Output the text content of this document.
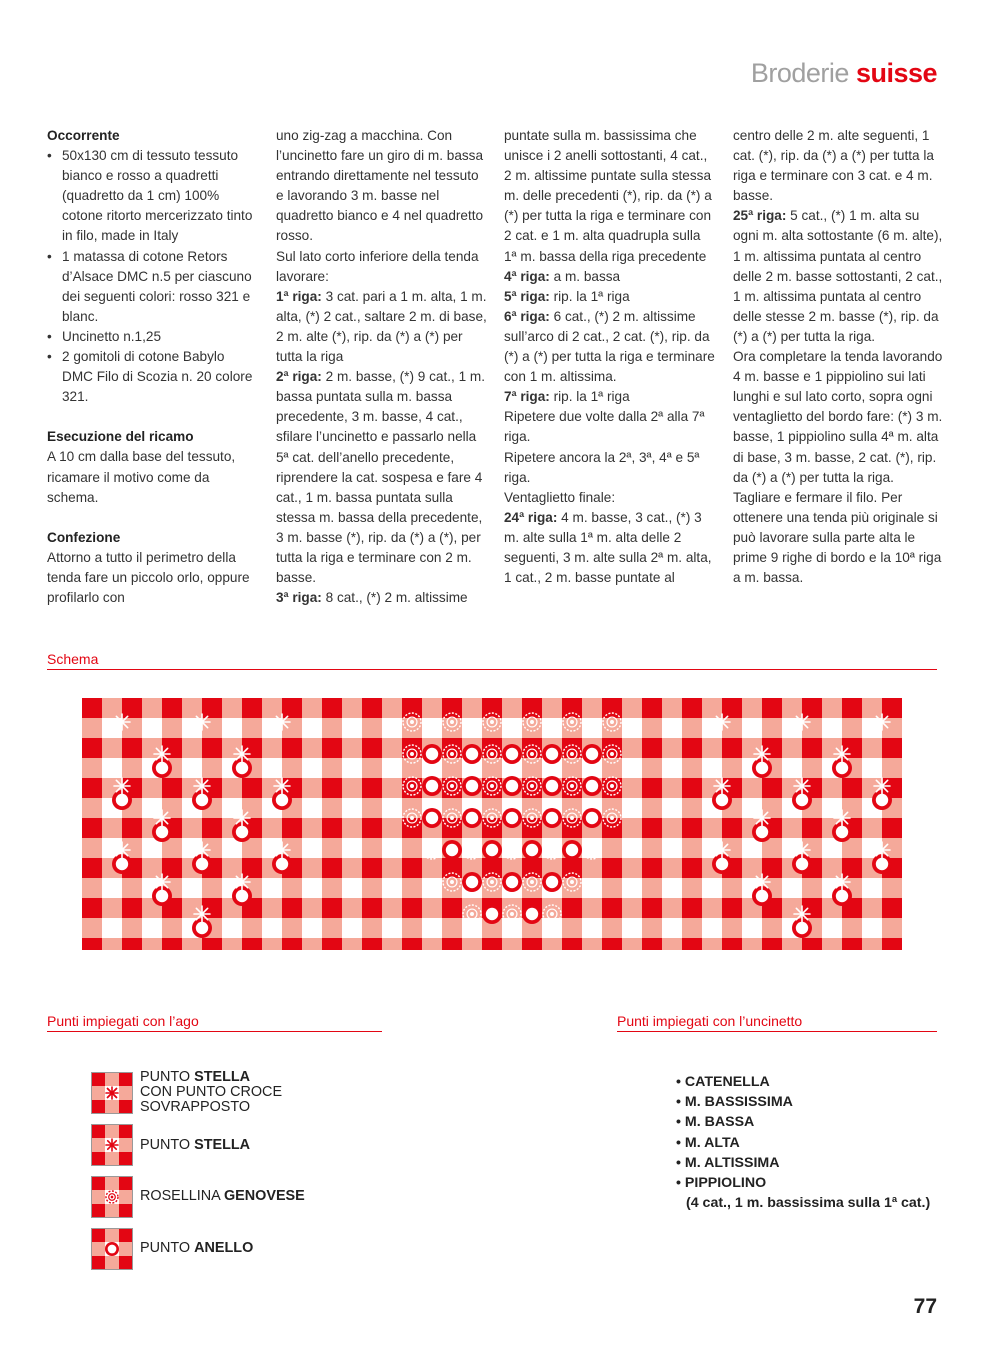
Broderie suisse

Occorrente

• 50x130 cm di tessuto tessuto bianco e rosso a quadretti (quadretto da 1 cm) 100% cotone ritorto mercerizzato tinto in filo, made in Italy

• 1 matassa di cotone Retors d’Alsace DMC n.5 per ciascuno dei seguenti colori: rosso 321 e blanc.

• Uncinetto n.1,25

• 2 gomitoli di cotone Babylo DMC Filo di Scozia n. 20 colore 321.

Esecuzione del ricamo

A 10 cm dalla base del tessuto, ricamare il motivo come da schema.

Confezione

Attorno a tutto il perimetro della tenda fare un piccolo orlo, oppure profilarlo con

uno zig-zag a macchina. Con l’uncinetto fare un giro di m. bassa entrando direttamente nel tessuto e lavorando 3 m. basse nel quadretto bianco e 4 nel quadretto rosso.

Sul lato corto inferiore della tenda lavorare:

1ª riga: 3 cat. pari a 1 m. alta, 1 m. alta, (*) 2 cat., saltare 2 m. di base, 2 m. alte (*), rip. da (*) a (*) per tutta la riga

2ª riga: 2 m. basse, (*) 9 cat., 1 m. bassa puntata sulla m. bassa precedente, 3 m. basse, 4 cat., sfilare l’uncinetto e passarlo nella 5ª cat. dell’anello precedente, riprendere la cat. sospesa e fare 4 cat., 1 m. bassa puntata sulla stessa m. bassa della precedente, 3 m. basse (*), rip. da (*) a (*), per tutta la riga e terminare con 2 m. basse.

3ª riga: 8 cat., (*) 2 m. altissime

puntate sulla m. bassissima che unisce i 2 anelli sottostanti, 4 cat., 2 m. altissime puntate sulla stessa m. delle precedenti (*), rip. da (*) a (*) per tutta la riga e terminare con 2 cat. e 1 m. alta quadrupla sulla 1ª m. bassa della riga precedente

4ª riga: a m. bassa

5ª riga: rip. la 1ª riga

6ª riga: 6 cat., (*) 2 m. altissime sull’arco di 2 cat., 2 cat. (*), rip. da (*) a (*) per tutta la riga e terminare con 1 m. altissima.

7ª riga: rip. la 1ª riga

Ripetere due volte dalla 2ª alla 7ª riga.

Ripetere ancora la 2ª, 3ª, 4ª e 5ª riga.

Ventaglietto finale:

24ª riga: 4 m. basse, 3 cat., (*) 3 m. alte sulla 1ª m. alta delle 2 seguenti, 3 m. alte sulla 2ª m. alta, 1 cat., 2 m. basse puntate al

centro delle 2 m. alte seguenti, 1 cat. (*), rip. da (*) a (*) per tutta la riga e terminare con 3 cat. e 4 m. basse.

25ª riga: 5 cat., (*) 1 m. alta su ogni m. alta sottostante (6 m. alte), 1 m. altissima puntata al centro delle 2 m. basse sottostanti, 2 cat., 1 m. altissima puntata al centro delle stesse 2 m. basse (*), rip. da (*) a (*) per tutta la riga.

Ora completare la tenda lavorando 4 m. basse e 1 pippiolino sui lati lunghi e sul lato corto, sopra ogni ventaglietto del bordo fare: (*) 3 m. basse, 1 pippiolino sulla 4ª m. alta di base, 3 m. basse, 2 cat. (*), rip. da (*) a (*) per tutta la riga. Tagliare e fermare il filo. Per ottenere una tenda più originale si può lavorare sulla parte alta le prime 9 righe di bordo e la 10ª riga a m. bassa.

Schema
Punti impiegati con l’ago
PUNTO STELLA
CON PUNTO CROCE
SOVRAPPOSTO
PUNTO STELLA
ROSELLINA GENOVESE
PUNTO ANELLO
Punti impiegati con l’uncinetto
• CATENELLA
• M. BASSISSIMA
• M. BASSA
• M. ALTA
• M. ALTISSIMA
• PIPPIOLINO
(4 cat., 1 m. bassissima sulla 1ª cat.)
77
